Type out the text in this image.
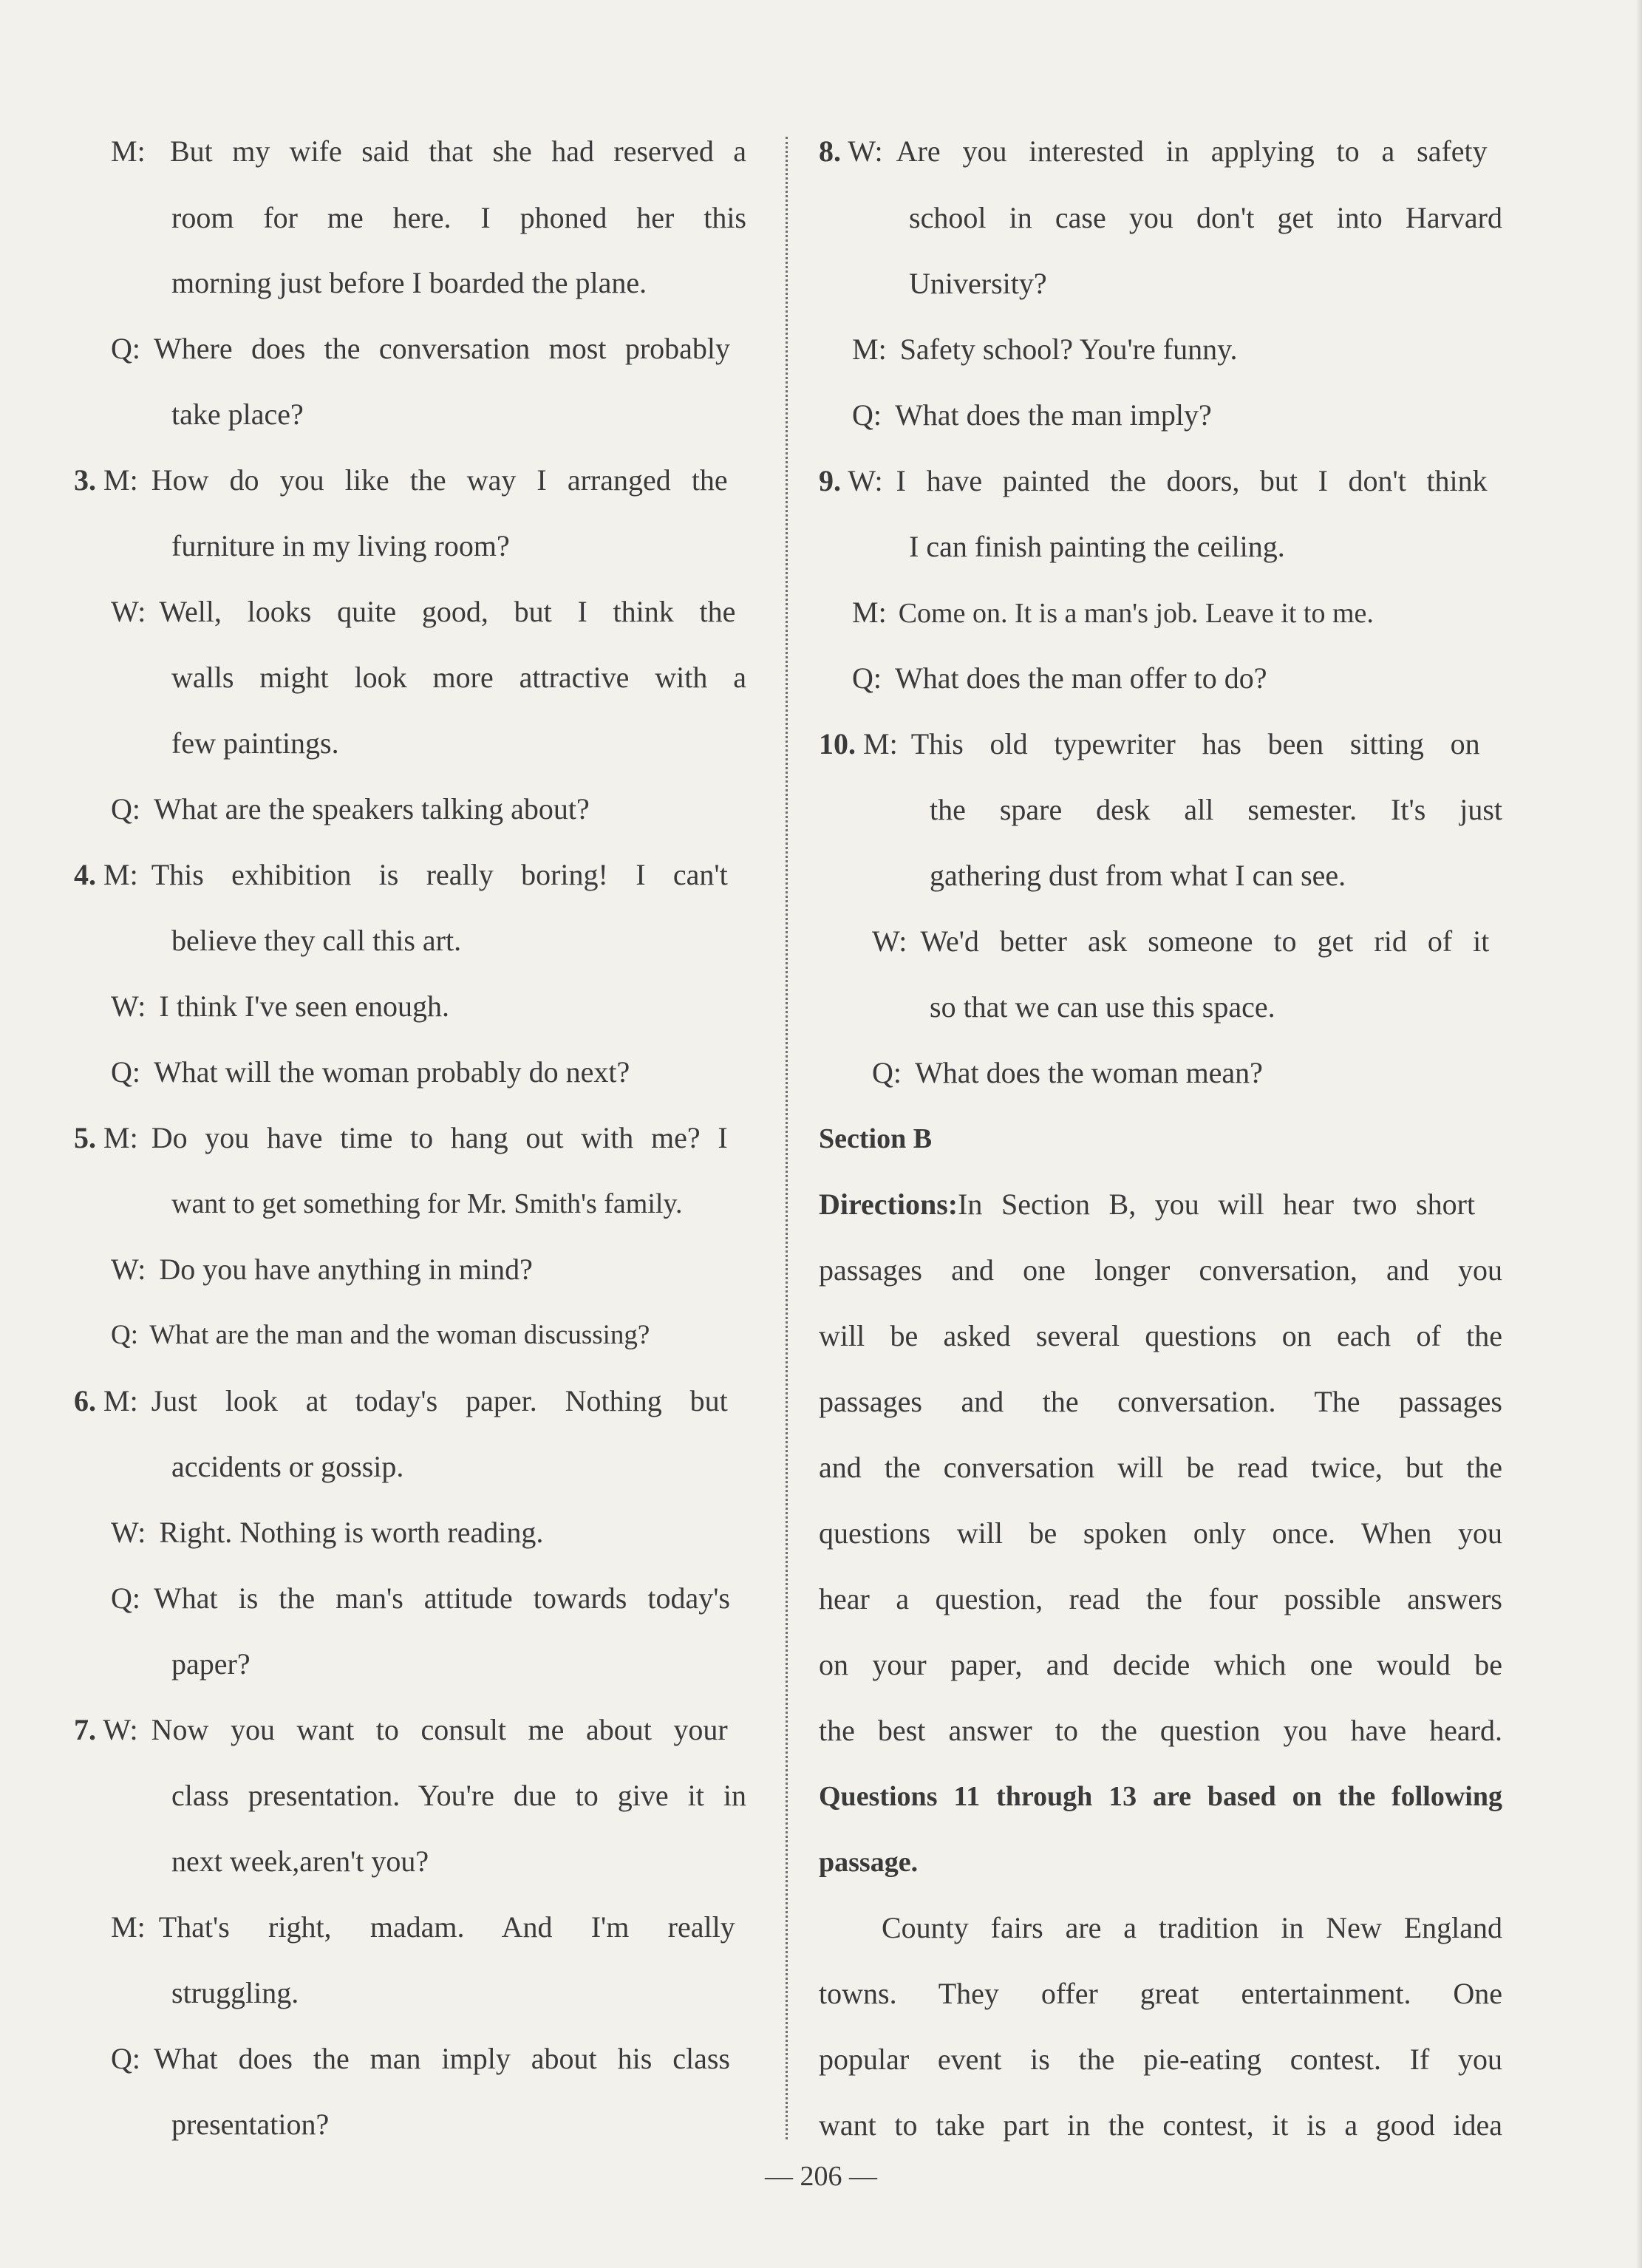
M: But my wife said that she had reserved a
room for me here. I phoned her this
morning just before I boarded the plane.
Q: Where does the conversation most probably
take place?
3. M: How do you like the way I arranged the
furniture in my living room?
W: Well, looks quite good, but I think the
walls might look more attractive with a
few paintings.
Q: What are the speakers talking about?
4. M: This exhibition is really boring! I can't
believe they call this art.
W: I think I've seen enough.
Q: What will the woman probably do next?
5. M: Do you have time to hang out with me? I
want to get something for Mr. Smith's family.
W: Do you have anything in mind?
Q: What are the man and the woman discussing?
6. M: Just look at today's paper. Nothing but
accidents or gossip.
W: Right. Nothing is worth reading.
Q: What is the man's attitude towards today's
paper?
7. W: Now you want to consult me about your
class presentation. You're due to give it in
next week,aren't you?
M: That's right, madam. And I'm really
struggling.
Q: What does the man imply about his class
presentation?
8. W: Are you interested in applying to a safety
school in case you don't get into Harvard
University?
M: Safety school? You're funny.
Q: What does the man imply?
9. W: I have painted the doors, but I don't think
I can finish painting the ceiling.
M: Come on. It is a man's job. Leave it to me.
Q: What does the man offer to do?
10. M: This old typewriter has been sitting on
the spare desk all semester. It's just
gathering dust from what I can see.
W: We'd better ask someone to get rid of it
so that we can use this space.
Q: What does the woman mean?
Section B
Directions:In Section B, you will hear two short
passages and one longer conversation, and you
will be asked several questions on each of the
passages and the conversation. The passages
and the conversation will be read twice, but the
questions will be spoken only once. When you
hear a question, read the four possible answers
on your paper, and decide which one would be
the best answer to the question you have heard.
Questions 11 through 13 are based on the following
passage.
County fairs are a tradition in New England
towns. They offer great entertainment. One
popular event is the pie-eating contest. If you
want to take part in the contest, it is a good idea
— 206 —
